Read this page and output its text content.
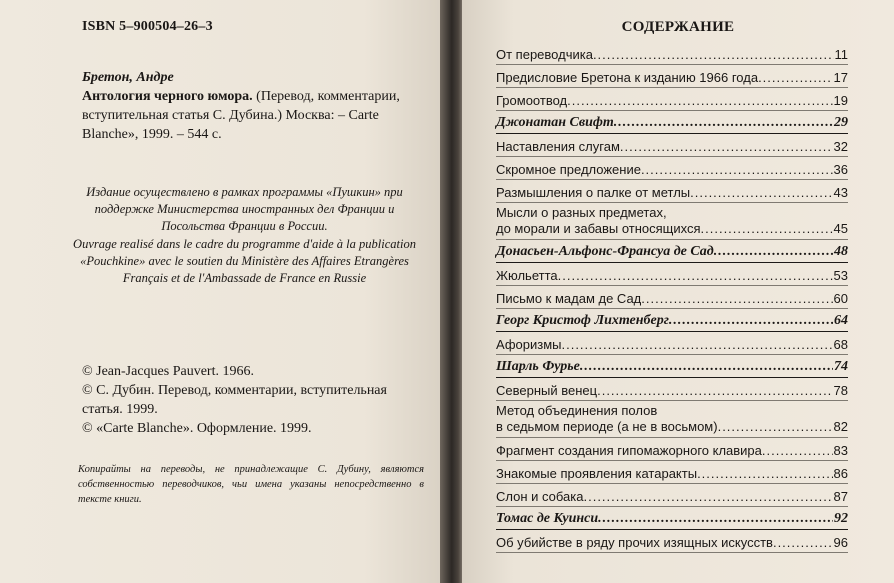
ISBN 5–900504–26–3
Бретон, Андре
Антология черного юмора. (Перевод, комментарии, вступительная статья С. Дубина.) Москва: – Carte Blanche», 1999. – 544 с.
Издание осуществлено в рамках программы «Пушкин» при поддержке Министерства иностранных дел Франции и Посольства Франции в России.
Ouvrage realisé dans le cadre du programme d'aide à la publication «Pouchkine» avec le soutien du Ministère des Affaires Etrangères Français et de l'Ambassade de France en Russie
© Jean-Jacques Pauvert. 1966.
© С. Дубин. Перевод, комментарии, вступительная статья. 1999.
© «Carte Blanche». Оформление. 1999.
Копирайты на переводы, не принадлежащие С. Дубину, являются собственностью переводчиков, чьи имена указаны непосредственно в тексте книги.
СОДЕРЖАНИЕ
От переводчика .....	11
Предисловие Бретона к изданию 1966 года .....	17
Громоотвод .....	19
Джонатан Свифт .....	29
Наставления слугам .....	32
Скромное предложение .....	36
Размышления о палке от метлы .....	43
Мысли о разных предметах,
до морали и забавы относящихся .....	45
Донасьен-Альфонс-Франсуа де Сад .....	48
Жюльетта .....	53
Письмо к мадам де Сад .....	60
Георг Кристоф Лихтенберг .....	64
Афоризмы .....	68
Шарль Фурье .....	74
Северный венец .....	78
Метод объединения полов
в седьмом периоде (а не в восьмом) .....	82
Фрагмент создания гипомажорного клавира .....	83
Знакомые проявления катаракты .....	86
Слон и собака .....	87
Томас де Куинси .....	92
Об убийстве в ряду прочих изящных искусств .....	96
